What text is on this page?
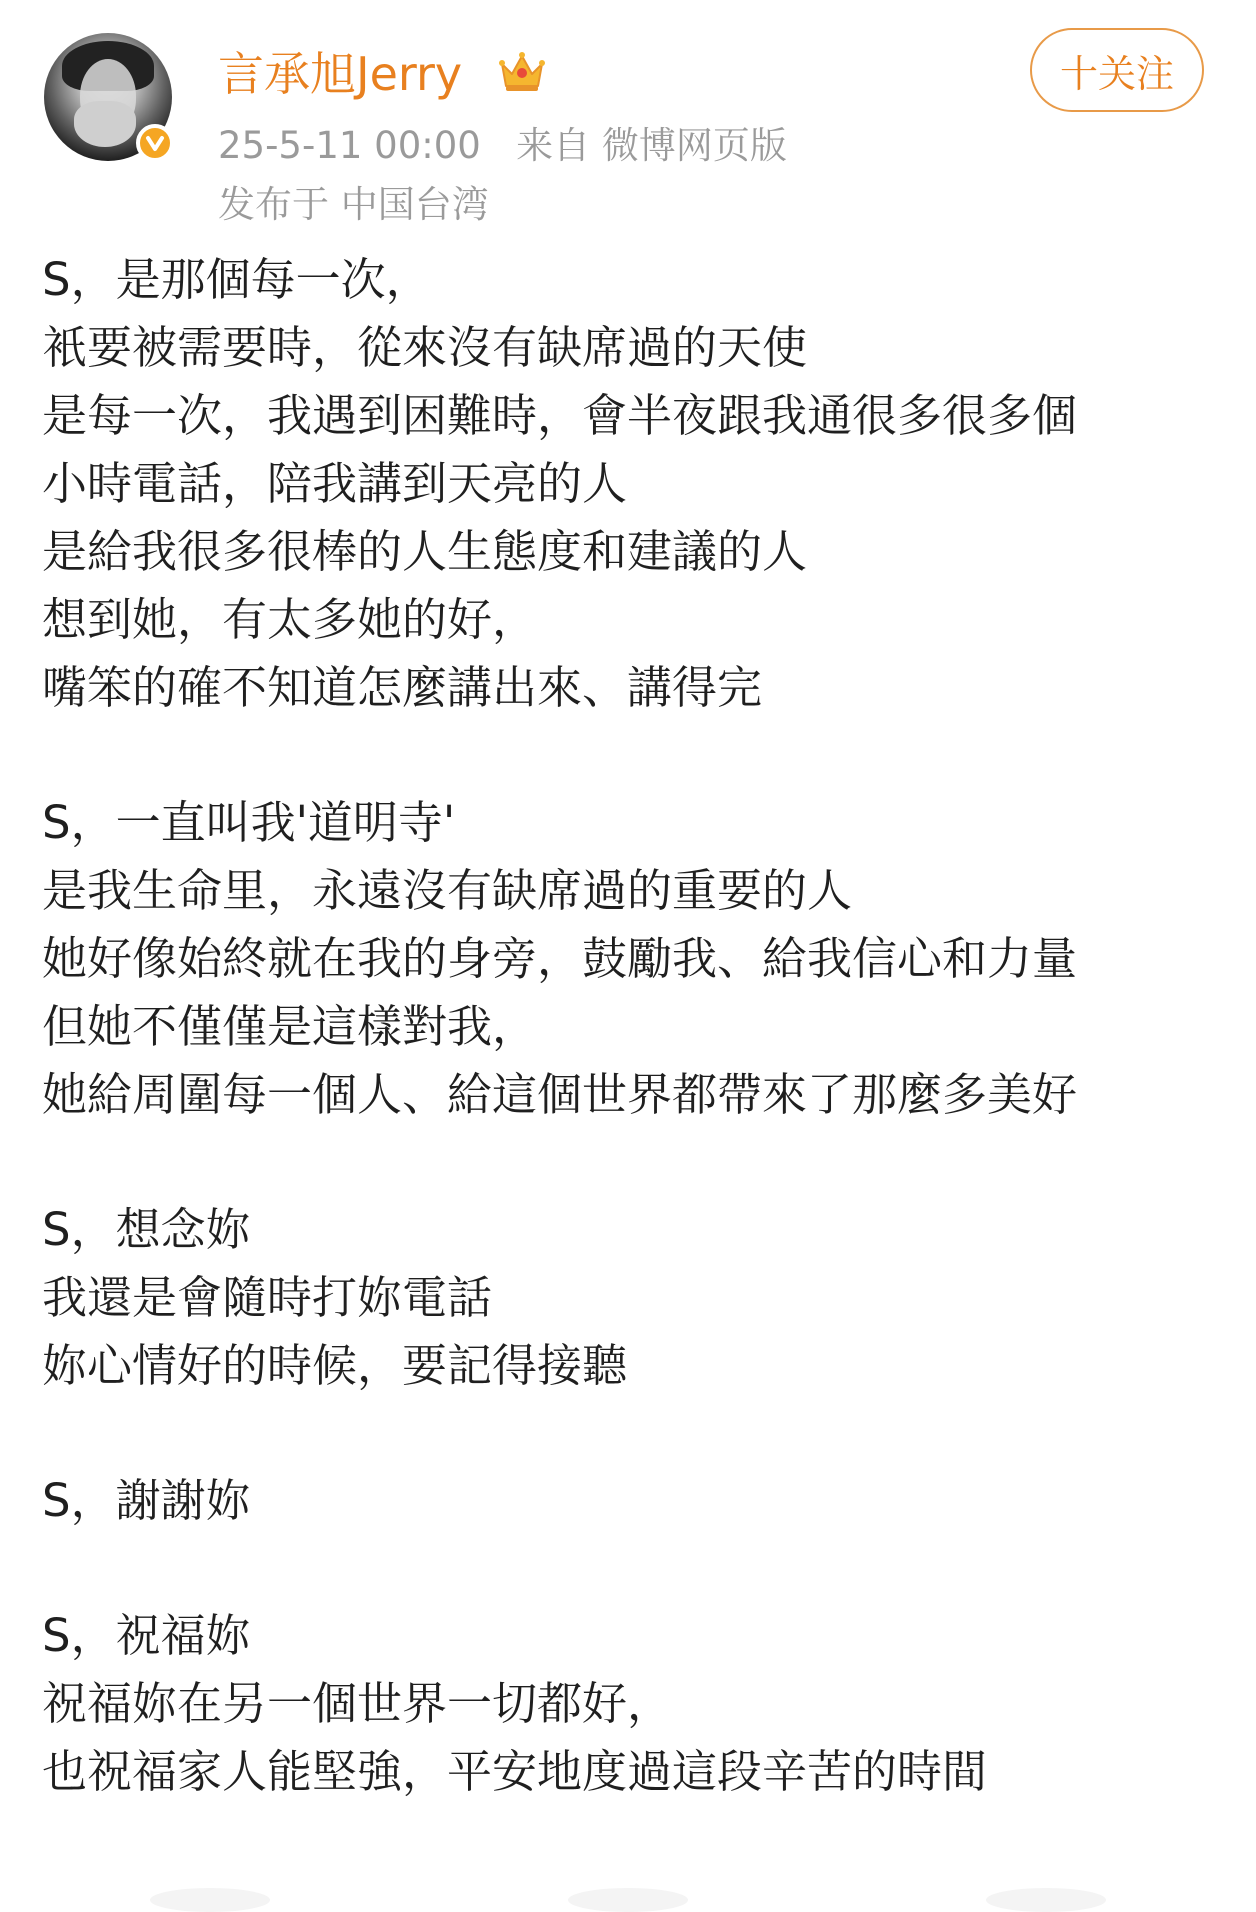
言承旭Jerry
25-5-11 00:00 来自 微博网页版
发布于 中国台湾
十关注
S，是那個每一次，
衹要被需要時，從來沒有缺席過的天使
是每一次，我遇到困難時，會半夜跟我通很多很多個
小時電話，陪我講到天亮的人
是給我很多很棒的人生態度和建議的人
想到她，有太多她的好，
嘴笨的確不知道怎麼講出來、講得完
S，一直叫我'道明寺'
是我生命里，永遠沒有缺席過的重要的人
她好像始終就在我的身旁，鼓勵我、給我信心和力量
但她不僅僅是這樣對我，
她給周圍每一個人、給這個世界都帶來了那麼多美好
S，想念妳
我還是會隨時打妳電話
妳心情好的時候，要記得接聽
S，謝謝妳
S，祝福妳
祝福妳在另一個世界一切都好，
也祝福家人能堅強，平安地度過這段辛苦的時間
